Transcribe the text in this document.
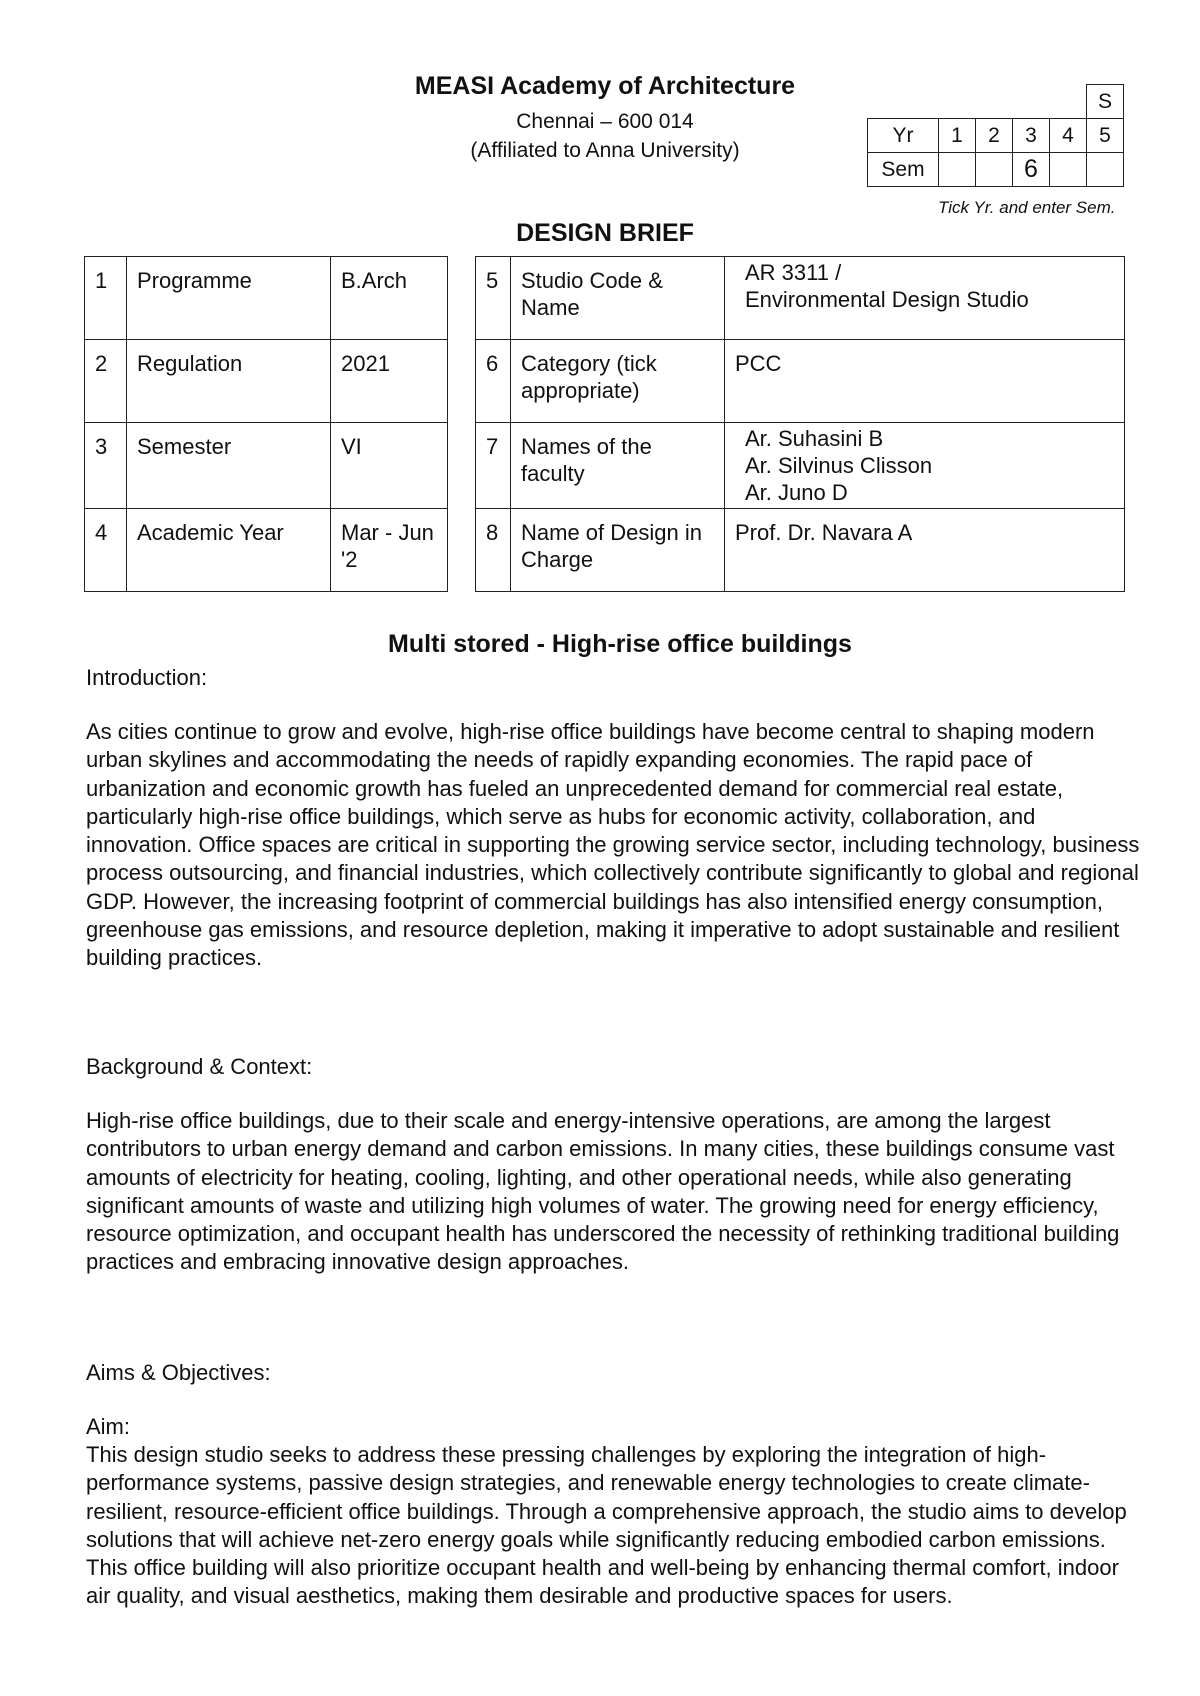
MEASI Academy of Architecture
Chennai – 600 014
(Affiliated to Anna University)
					S
Yr	1	2	3	4	5
Sem			6		
Tick Yr. and enter Sem.
DESIGN BRIEF
1	Programme	B.Arch		5	Studio Code & Name	AR 3311 /
Environmental Design Studio

2	Regulation	2021		6	Category (tick appropriate)	PCC

3	Semester	VI		7	Names of the faculty	Ar. Suhasini B
Ar. Silvinus Clisson
Ar. Juno D

4	Academic Year	Mar - Jun '2		8	Name of Design in Charge	Prof. Dr. Navara A
Multi stored - High-rise office buildings
Introduction:

As cities continue to grow and evolve, high-rise office buildings have become central to shaping modern urban skylines and accommodating the needs of rapidly expanding economies. The rapid pace of urbanization and economic growth has fueled an unprecedented demand for commercial real estate, particularly high-rise office buildings, which serve as hubs for economic activity, collaboration, and innovation. Office spaces are critical in supporting the growing service sector, including technology, business process outsourcing, and financial industries, which collectively contribute significantly to global and regional GDP. However, the increasing footprint of commercial buildings has also intensified energy consumption, greenhouse gas emissions, and resource depletion, making it imperative to adopt sustainable and resilient building practices.

Background & Context:

High-rise office buildings, due to their scale and energy-intensive operations, are among the largest contributors to urban energy demand and carbon emissions. In many cities, these buildings consume vast amounts of electricity for heating, cooling, lighting, and other operational needs, while also generating significant amounts of waste and utilizing high volumes of water. The growing need for energy efficiency, resource optimization, and occupant health has underscored the necessity of rethinking traditional building practices and embracing innovative design approaches.

Aims & Objectives:
Aim:

This design studio seeks to address these pressing challenges by exploring the integration of high-performance systems, passive design strategies, and renewable energy technologies to create climate-resilient, resource-efficient office buildings. Through a comprehensive approach, the studio aims to develop solutions that will achieve net-zero energy goals while significantly reducing embodied carbon emissions. This office building will also prioritize occupant health and well-being by enhancing thermal comfort, indoor air quality, and visual aesthetics, making them desirable and productive spaces for users.
